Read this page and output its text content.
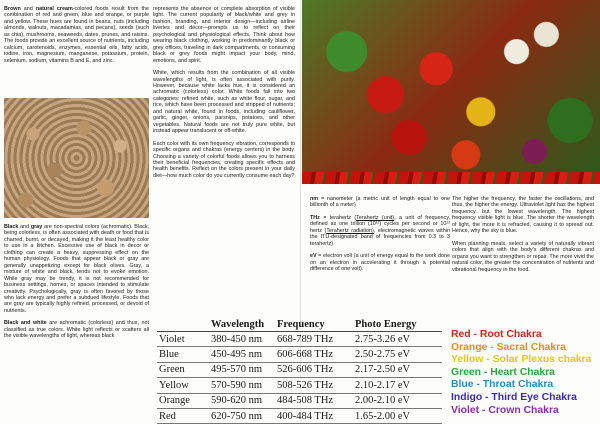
Brown and natural cream-colored foods result from the combination of red and green, blue and orange, or purple and yellow. These hues are found in beans, nuts (including almonds, walnuts, macadamias, and pecans), seeds (such as chia), mushrooms, seaweeds, dates, prunes, and raisins. The foods provide an excellent source of nutrients, including calcium, carotenoids, enzymes, essential oils, fatty acids, iodine, iron, magnesium, manganese, potassium, protein, selenium, sodium, vitamins B and E, and zinc.

Black and gray are non-spectral colors (achromatic). Black, being colorless, is often associated with death or food that is charred, burnt, or decayed, making it the least healthy color to use in a kitchen. Excessive use of black in decor or clothing can create a heavy, suppressing effect on the human physiology. Foods that appear black or gray are generally unappetizing except for black olives. Gray, a mixture of white and black, tends not to evoke emotion. While gray may be trendy, it is not recommended for business settings, homes, or spaces intended to stimulate creativity. Psychologically, gray is often favored by those who lack energy and prefer a subdued lifestyle. Foods that are gray are typically highly refined, processed, or devoid of nutrients.

Black and white are achromatic (colorless) and thus, not classified as true colors. White light reflects or scatters all the visible wavelengths of light, whereas black

nm = nanometer (a metric unit of length equal to one billionth of a meter)

THz = terahertz (Terahertz (unit), a unit of frequency, defined as one trillion (10¹²) cycles per second or 10¹² hertz (Terahertz radiation), electromagnetic waves within the ITU-designated band of frequencies from 0.3 to 3 terahertz)

eV = electron volt (a unit of energy equal to the work done on an electron in accelerating it through a potential difference of one volt).

The higher the frequency, the faster the oscillations, and thus, the higher the energy. Ultraviolet light has the highest frequency, but the lowest wavelength. The highest frequency visible light is blue. The shorter the wavelength of light, the more it is refracted, causing it to spread out. Hence, why the sky is blue.

When planning meals, select a variety of naturally vibrant colors that align with the body's different chakras and organs you want to strengthen or repair. The more vivid the natural color, the greater the concentration of nutrients and vibrational frequency in the food.

	Wavelength	Frequency	Photo Energy
Violet	380-450 nm	668-789 THz	2.75-3.26 eV
Blue	450-495 nm	606-668 THz	2.50-2.75 eV
Green	495-570 nm	526-606 THz	2.17-2.50 eV
Yellow	570-590 nm	508-526 THz	2.10-2.17 eV
Orange	590-620 nm	484-508 THz	2.00-2.10 eV
Red	620-750 nm	400-484 THz	1.65-2.00 eV
Red - Root Chakra
Orange - Sacral Chakra
Yellow - Solar Plexus chakra
Green - Heart Chakra
Blue - Throat Chakra
Indigo - Third Eye Chakra
Violet - Crown Chakra

represents the absence or complete absorption of visible light. The current popularity of black/white and grey in fashion, branding, and interior design—including airline liveries and décor—prompts us to reflect on their psychological and physiological effects. Think about how wearing black clothing, working in predominantly black or grey offices, traveling in dark compartments, or consuming black or grey foods might impact your body, mind, emotions, and spirit.

White, which results from the combination of all visible wavelengths of light, is often associated with purity. However, because white lacks hue, it is considered an achromatic (colorless) color. White foods fall into two categories: refined white, such as white flour, sugar, and rice, which have been processed and stripped of nutrients; and natural white, found in foods, including cauliflower, garlic, ginger, onions, parsnips, potatoes, and other vegetables. Natural foods are not truly pure white, but instead appear translucent or off-white.

Each color with its own frequency vibration, corresponds to specific organs and chakras (energy centers) in the body. Choosing a variety of colorful foods allows you to harness their beneficial frequencies, creating specific effects and health benefits. Reflect on the colors present in your daily diet—how much color do you currently consume each day?
